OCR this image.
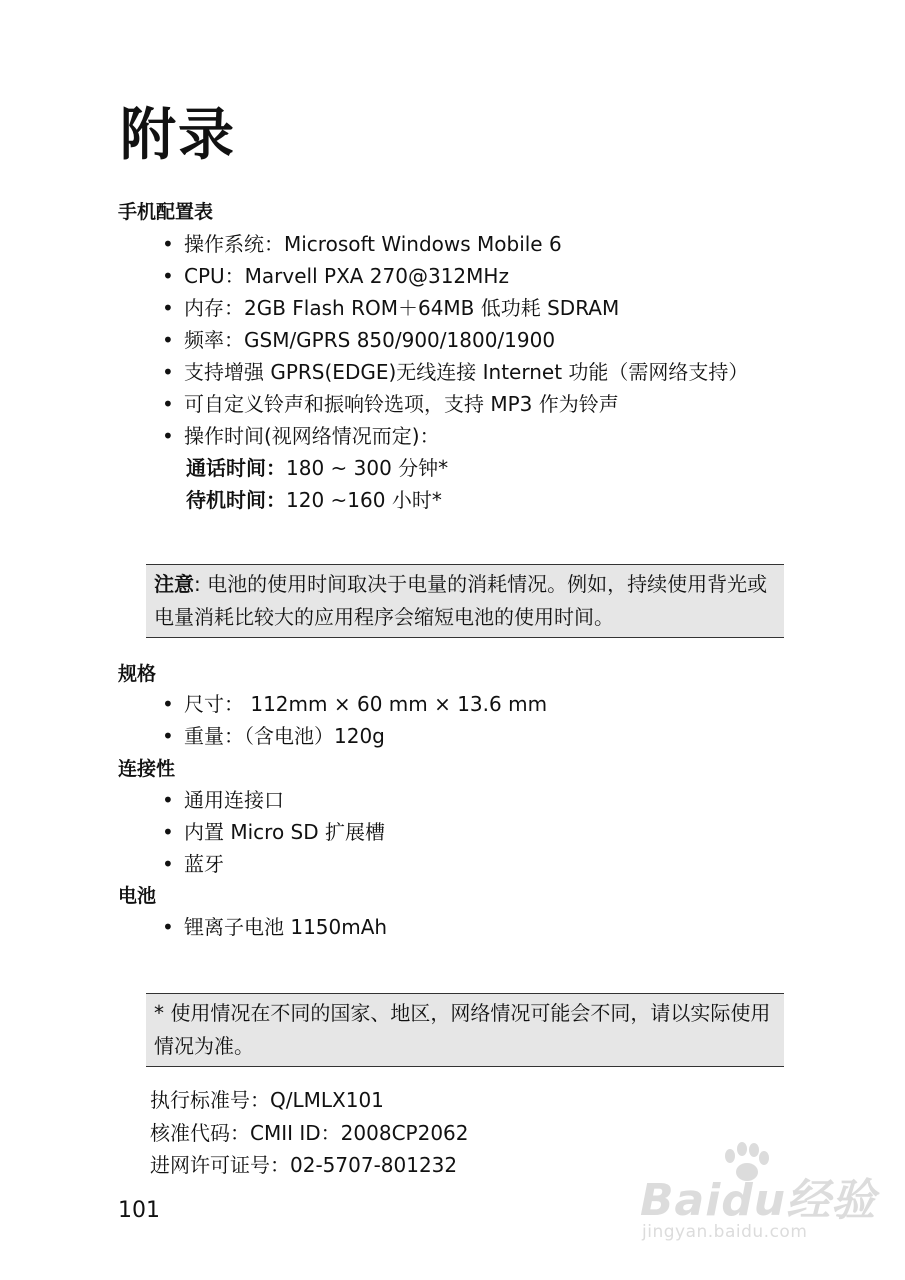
附录
手机配置表
• 操作系统：Microsoft Windows Mobile 6
• CPU：Marvell PXA 270@312MHz
• 内存：2GB Flash ROM＋64MB 低功耗 SDRAM
• 频率：GSM/GPRS 850/900/1800/1900
• 支持增强 GPRS(EDGE)无线连接 Internet 功能（需网络支持）
• 可自定义铃声和振响铃选项，支持 MP3 作为铃声
• 操作时间(视网络情况而定)：
通话时间：180 ~ 300 分钟*
待机时间：120 ~160 小时*
注意: 电池的使用时间取决于电量的消耗情况。例如，持续使用背光或电量消耗比较大的应用程序会缩短电池的使用时间。
规格
• 尺寸： 112mm × 60 mm × 13.6 mm
• 重量：（含电池）120g
连接性
• 通用连接口
• 内置 Micro SD 扩展槽
• 蓝牙
电池
• 锂离子电池 1150mAh
* 使用情况在不同的国家、地区，网络情况可能会不同，请以实际使用情况为准。
执行标准号：Q/LMLX101
核准代码：CMII ID：2008CP2062
进网许可证号：02-5707-801232
101	Baidu经验
jingyan.baidu.com
